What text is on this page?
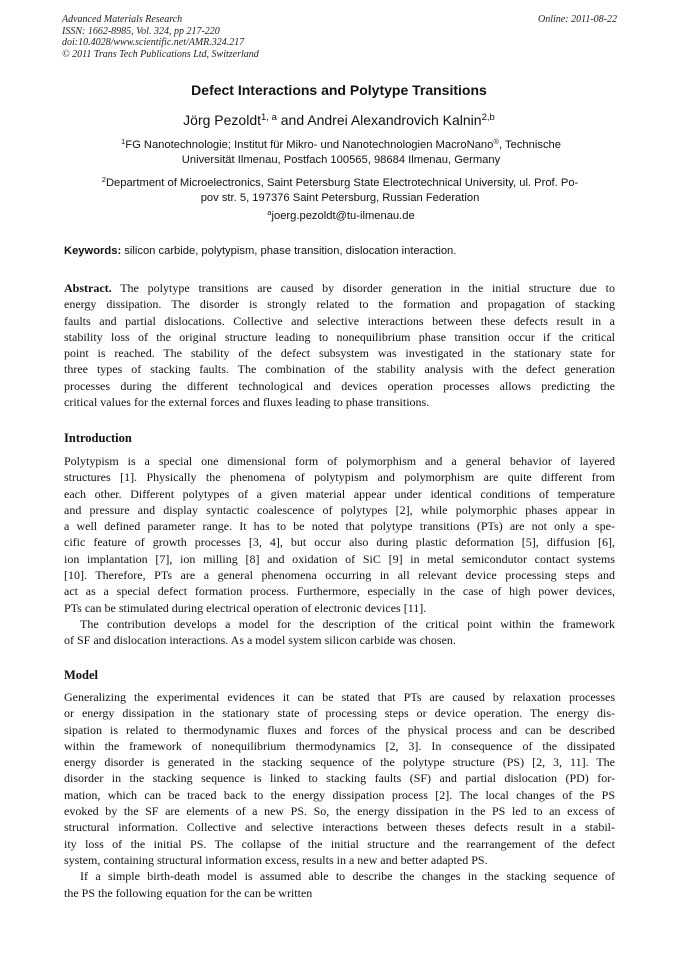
Advanced Materials Research
ISSN: 1662-8985, Vol. 324, pp 217-220
doi:10.4028/www.scientific.net/AMR.324.217
© 2011 Trans Tech Publications Ltd, Switzerland
Online: 2011-08-22
Defect Interactions and Polytype Transitions
Jörg Pezoldt$^{1, a}$ and Andrei Alexandrovich Kalnin$^{2,b}$
$^1$FG Nanotechnologie; Institut für Mikro- und Nanotechnologien MacroNano®, Technische
Universität Ilmenau, Postfach 100565, 98684 Ilmenau, Germany
$^2$Department of Microelectronics, Saint Petersburg State Electrotechnical University, ul. Prof. Po-
pov str. 5, 197376 Saint Petersburg, Russian Federation
$^a$joerg.pezoldt@tu-ilmenau.de
Keywords: silicon carbide, polytypism, phase transition, dislocation interaction.
Abstract. The polytype transitions are caused by disorder generation in the initial structure due to
energy dissipation. The disorder is strongly related to the formation and propagation of stacking
faults and partial dislocations. Collective and selective interactions between these defects result in a
stability loss of the original structure leading to nonequilibrium phase transition occur if the critical
point is reached. The stability of the defect subsystem was investigated in the stationary state for
three types of stacking faults. The combination of the stability analysis with the defect generation
processes during the different technological and devices operation processes allows predicting the
critical values for the external forces and fluxes leading to phase transitions.
Introduction
Polytypism is a special one dimensional form of polymorphism and a general behavior of layered
structures [1]. Physically the phenomena of polytypism and polymorphism are quite different from
each other. Different polytypes of a given material appear under identical conditions of temperature
and pressure and display syntactic coalescence of polytypes [2], while polymorphic phases appear in
a well defined parameter range. It has to be noted that polytype transitions (PTs) are not only a spe-
cific feature of growth processes [3, 4], but occur also during plastic deformation [5], diffusion [6],
ion implantation [7], ion milling [8] and oxidation of SiC [9] in metal semicondutor contact systems
[10]. Therefore, PTs are a general phenomena occurring in all relevant device processing steps and
act as a special defect formation process. Furthermore, especially in the case of high power devices,
PTs can be stimulated during electrical operation of electronic devices [11].
The contribution develops a model for the description of the critical point within the framework
of SF and dislocation interactions. As a model system silicon carbide was chosen.
Model
Generalizing the experimental evidences it can be stated that PTs are caused by relaxation processes
or energy dissipation in the stationary state of processing steps or device operation. The energy dis-
sipation is related to thermodynamic fluxes and forces of the physical process and can be described
within the framework of nonequilibrium thermodynamics [2, 3]. In consequence of the dissipated
energy disorder is generated in the stacking sequence of the polytype structure (PS) [2, 3, 11]. The
disorder in the stacking sequence is linked to stacking faults (SF) and partial dislocation (PD) for-
mation, which can be traced back to the energy dissipation process [2]. The local changes of the PS
evoked by the SF are elements of a new PS. So, the energy dissipation in the PS led to an excess of
structural information. Collective and selective interactions between theses defects result in a stabil-
ity loss of the initial PS. The collapse of the initial structure and the rearrangement of the defect
system, containing structural information excess, results in a new and better adapted PS.
If a simple birth-death model is assumed able to describe the changes in the stacking sequence of
the PS the following equation for the can be written
